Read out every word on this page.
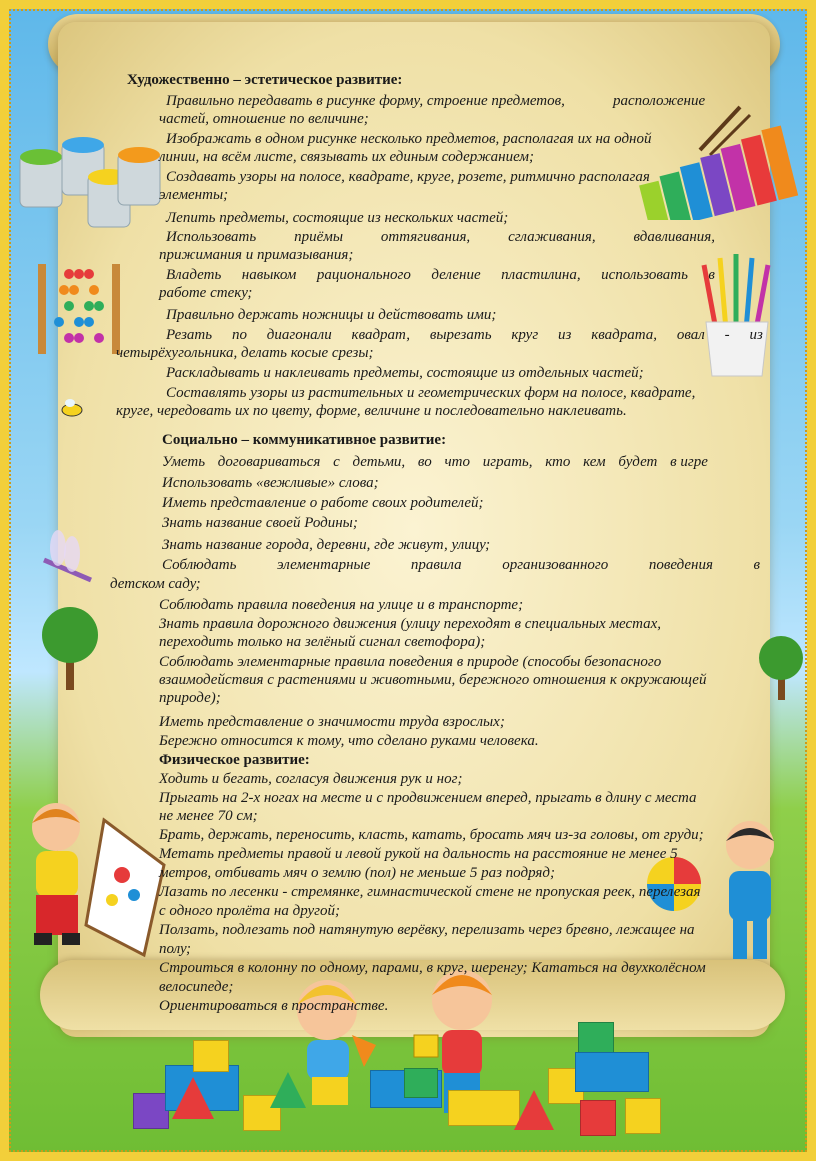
Художественно – эстетическое развитие:
Правильно передавать в рисунке форму, строение предметов,	расположение
частей, отношение по величине;
Изображать в одном рисунке несколько предметов, располагая их на одной
линии, на всём листе, связывать их единым содержанием;
Создавать узоры на полосе, квадрате, круге, розете, ритмично располагая
элементы;
Лепить предметы, состоящие из нескольких частей;
Использовать	приёмы	оттягивания,	сглаживания,	вдавливания,
прижимания и примазывания;
Владеть навыком рационального деление пластилина, использовать в
работе стеку;
Правильно держать ножницы и действовать ими;
Резать по диагонали квадрат, вырезать круг из квадрата, овал - из
четырёхугольника, делать косые срезы;
Раскладывать и наклеивать предметы, состоящие из отдельных частей;
Составлять узоры из растительных и геометрических форм на полосе, квадрате,
круге, чередовать их по цвету, форме, величине и последовательно наклеивать.
Социально – коммуникативное развитие:
Уметь договариваться с детьми, во что играть, кто кем будет в игре
Использовать «вежливые» слова;
Иметь представление о работе своих родителей;
Знать название своей Родины;
Знать название города, деревни, где живут, улицу;
Соблюдать	элементарные	правила	организованного	поведения	в
детском саду;
Соблюдать правила поведения на улице и в транспорте;
Знать правила дорожного движения (улицу переходят в специальных местах,
переходить только на зелёный сигнал светофора);
Соблюдать элементарные правила поведения в природе (способы безопасного
взаимодействия с растениями и животными, бережного отношения к окружающей
природе);
Иметь представление о значимости труда взрослых;
Бережно относится к тому, что сделано руками человека.
Физическое развитие:
Ходить и бегать, согласуя движения рук и ног;
Прыгать на 2-х ногах на месте и с продвижением вперед, прыгать в длину с места
не менее 70 см;
Брать, держать, переносить, класть, катать, бросать мяч из-за головы, от груди;
Метать предметы правой и левой рукой на дальность на расстояние не менее 5
метров, отбивать мяч о землю (пол) не меньше 5 раз подряд;
Лазать по лесенки - стремянке, гимнастической стене не пропуская реек, перелезая
с одного пролёта на другой;
Ползать, подлезать под натянутую верёвку, перелизать через бревно, лежащее на
полу;
Строиться в колонну по одному, парами, в круг, шеренгу; Кататься на двухколёсном
велосипеде;
Ориентироваться в пространстве.
